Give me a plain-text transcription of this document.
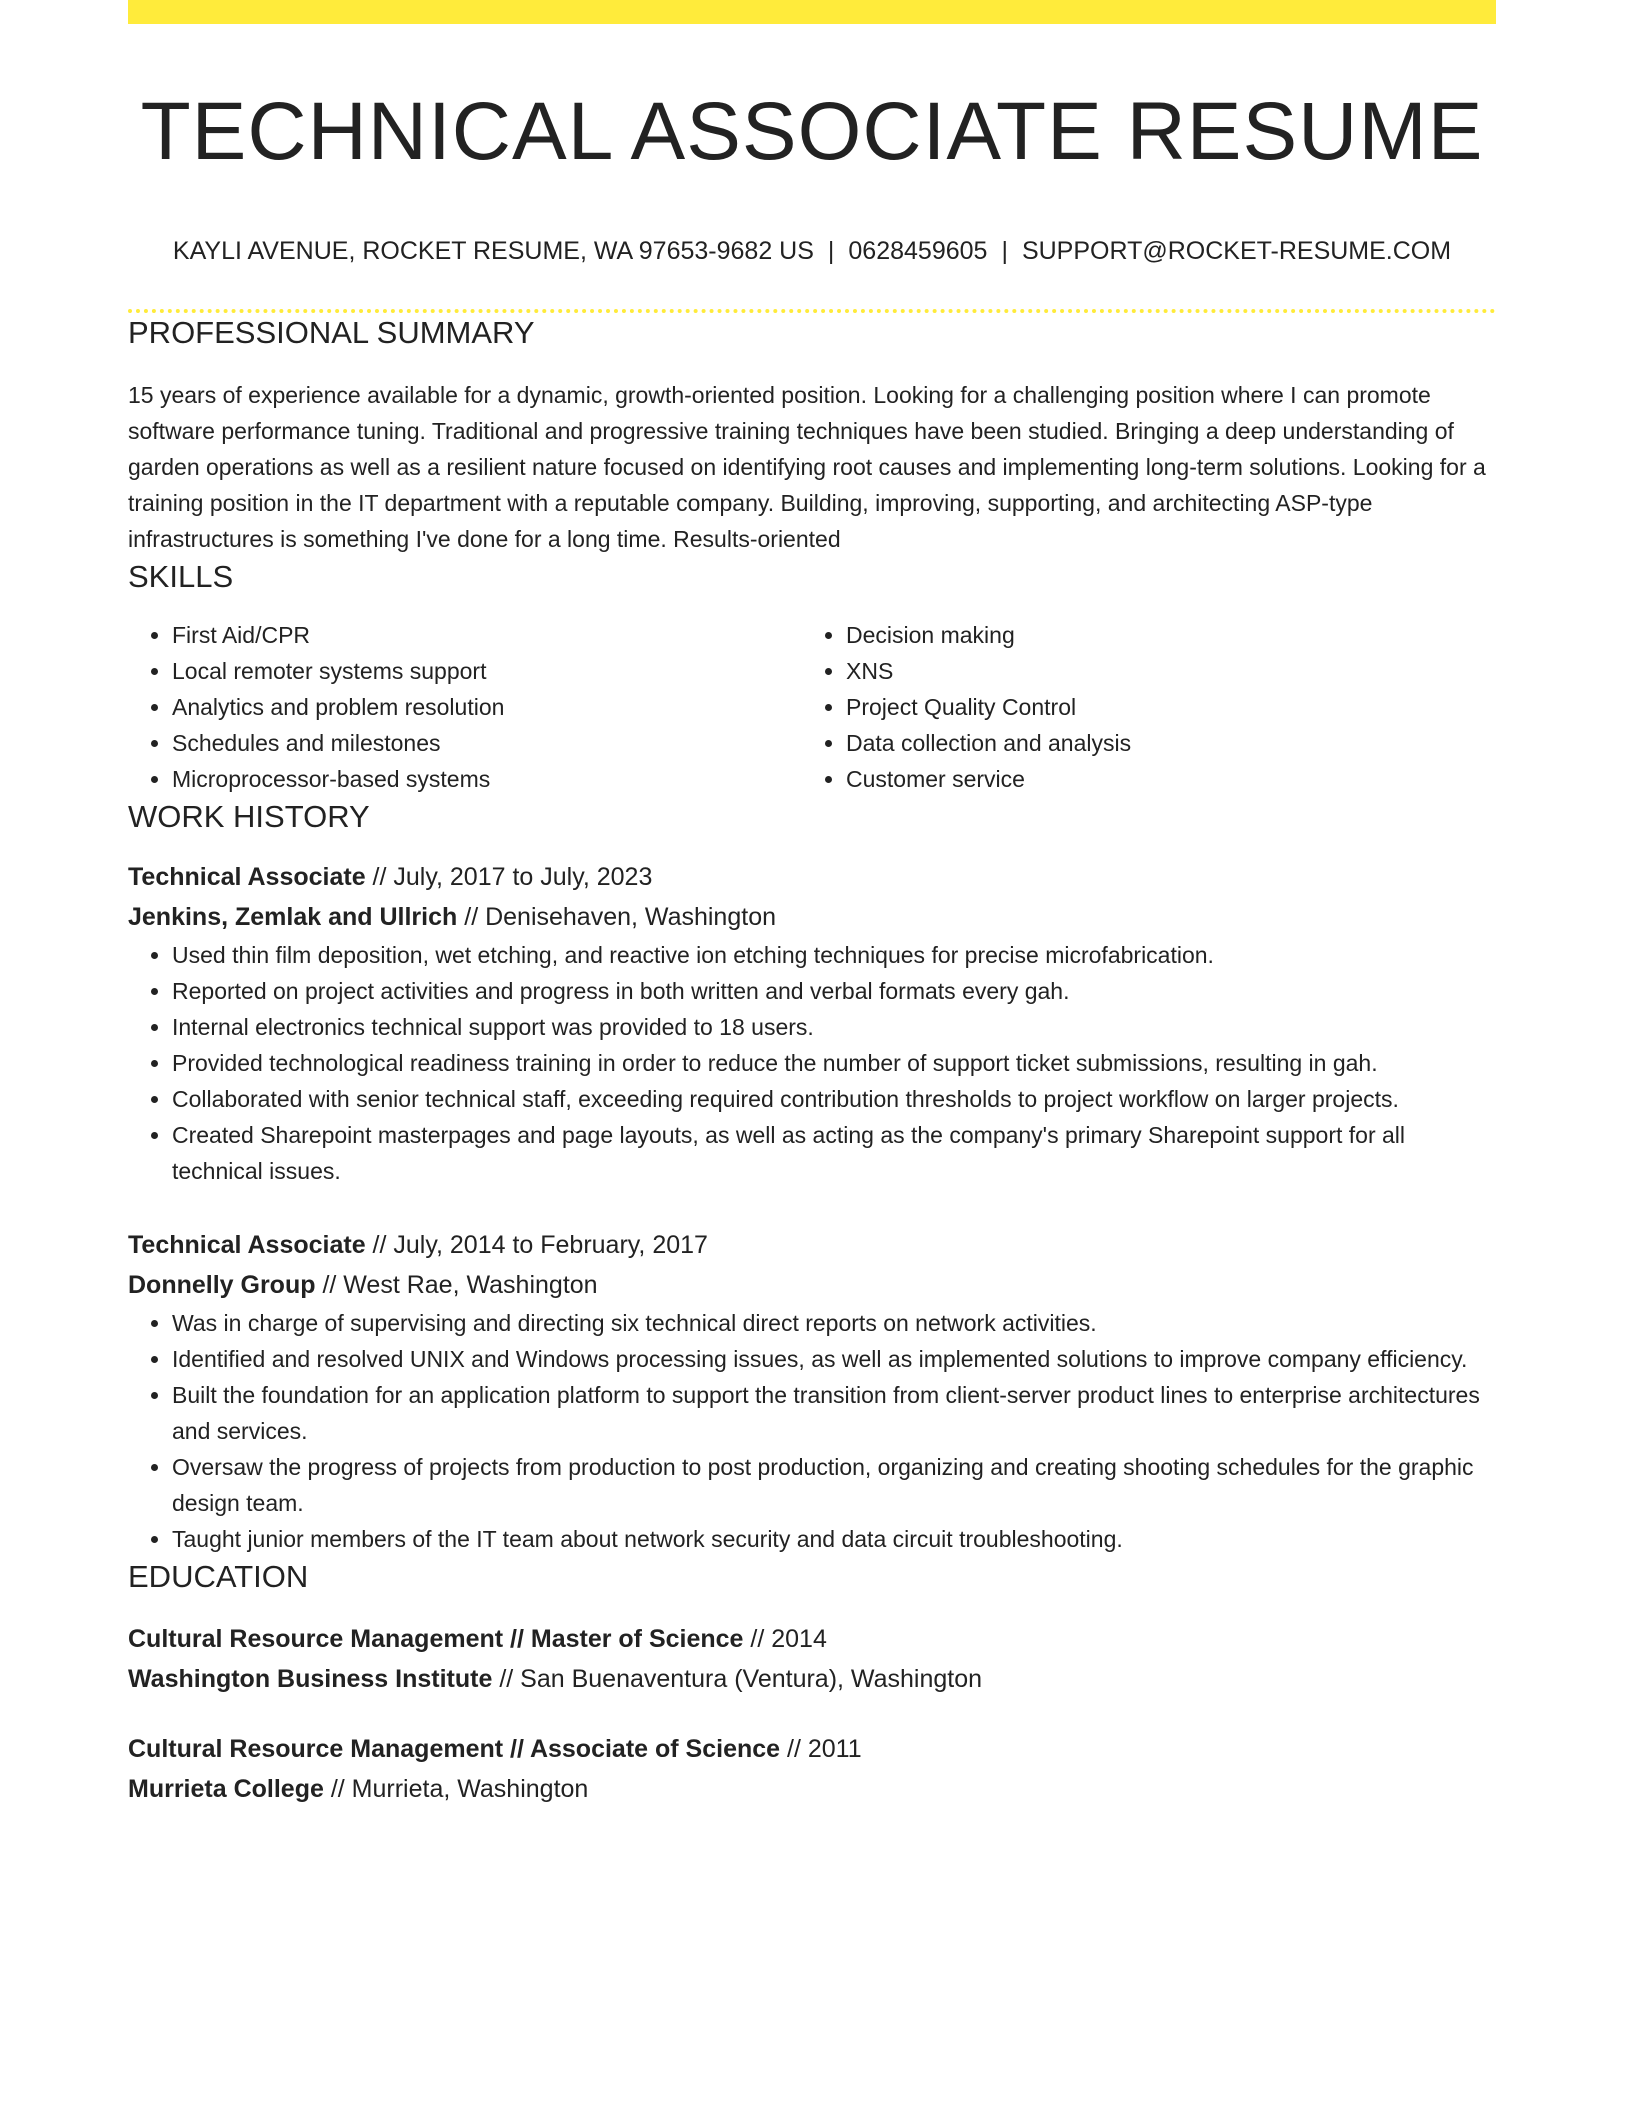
TECHNICAL ASSOCIATE RESUME
KAYLI AVENUE, ROCKET RESUME, WA 97653-9682 US | 0628459605 | SUPPORT@ROCKET-RESUME.COM
PROFESSIONAL SUMMARY

15 years of experience available for a dynamic, growth-oriented position. Looking for a challenging position where I can promote software performance tuning. Traditional and progressive training techniques have been studied. Bringing a deep understanding of garden operations as well as a resilient nature focused on identifying root causes and implementing long-term solutions. Looking for a training position in the IT department with a reputable company. Building, improving, supporting, and architecting ASP-type infrastructures is something I've done for a long time. Results-oriented

SKILLS
• First Aid/CPR
• Local remoter systems support
• Analytics and problem resolution
• Schedules and milestones
• Microprocessor-based systems
• Decision making
• XNS
• Project Quality Control
• Data collection and analysis
• Customer service
WORK HISTORY
Technical Associate // July, 2017 to July, 2023
Jenkins, Zemlak and Ullrich // Denisehaven, Washington
• Used thin film deposition, wet etching, and reactive ion etching techniques for precise microfabrication.
• Reported on project activities and progress in both written and verbal formats every gah.
• Internal electronics technical support was provided to 18 users.
• Provided technological readiness training in order to reduce the number of support ticket submissions, resulting in gah.
• Collaborated with senior technical staff, exceeding required contribution thresholds to project workflow on larger projects.
• Created Sharepoint masterpages and page layouts, as well as acting as the company's primary Sharepoint support for all technical issues.
Technical Associate // July, 2014 to February, 2017
Donnelly Group // West Rae, Washington
• Was in charge of supervising and directing six technical direct reports on network activities.
• Identified and resolved UNIX and Windows processing issues, as well as implemented solutions to improve company efficiency.
• Built the foundation for an application platform to support the transition from client-server product lines to enterprise architectures and services.
• Oversaw the progress of projects from production to post production, organizing and creating shooting schedules for the graphic design team.
• Taught junior members of the IT team about network security and data circuit troubleshooting.
EDUCATION
Cultural Resource Management // Master of Science // 2014
Washington Business Institute // San Buenaventura (Ventura), Washington
Cultural Resource Management // Associate of Science // 2011
Murrieta College // Murrieta, Washington
